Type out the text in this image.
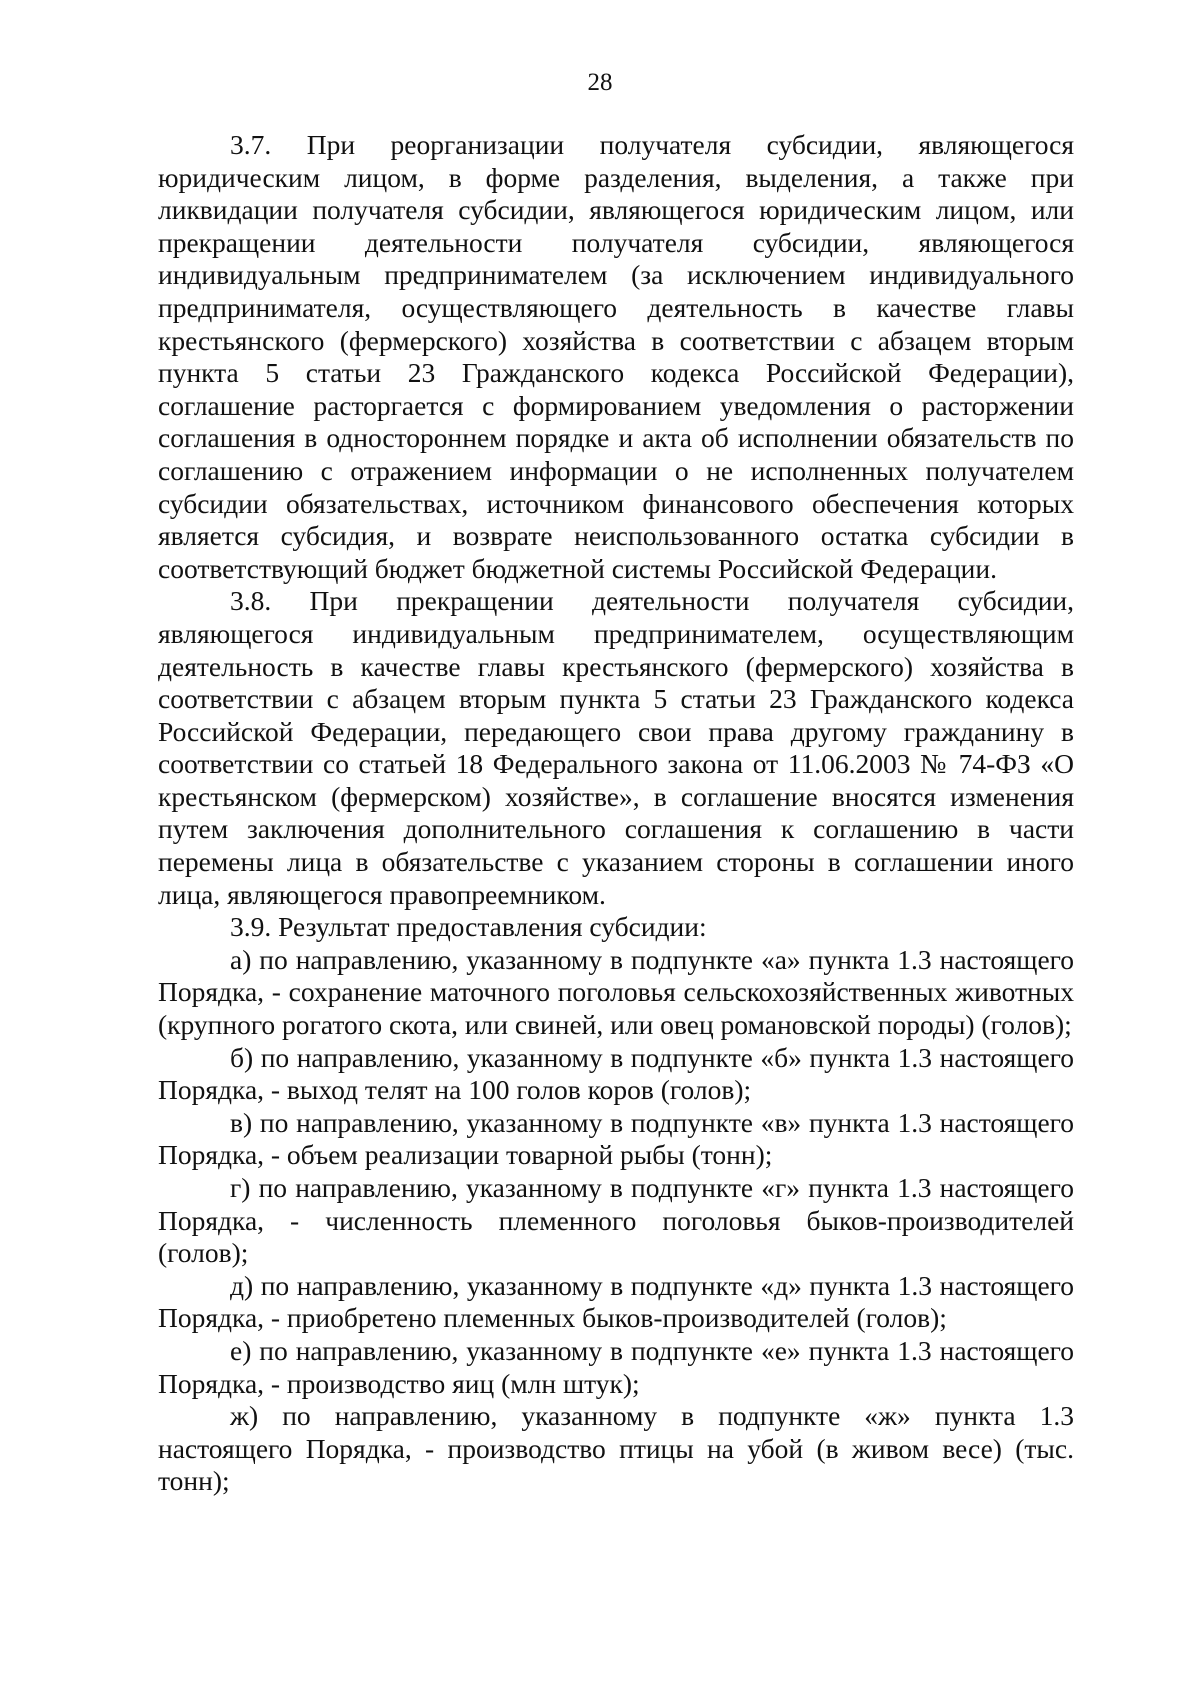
28

3.7. При реорганизации получателя субсидии, являющегося юридическим лицом, в форме разделения, выделения, а также при ликвидации получателя субсидии, являющегося юридическим лицом, или прекращении деятельности получателя субсидии, являющегося индивидуальным предпринимателем (за исключением индивидуального предпринимателя, осуществляющего деятельность в качестве главы крестьянского (фермерского) хозяйства в соответствии с абзацем вторым пункта 5 статьи 23 Гражданского кодекса Российской Федерации), соглашение расторгается с формированием уведомления о расторжении соглашения в одностороннем порядке и акта об исполнении обязательств по соглашению с отражением информации о не исполненных получателем субсидии обязательствах, источником финансового обеспечения которых является субсидия, и возврате неиспользованного остатка субсидии в соответствующий бюджет бюджетной системы Российской Федерации.

3.8. При прекращении деятельности получателя субсидии, являющегося индивидуальным предпринимателем, осуществляющим деятельность в качестве главы крестьянского (фермерского) хозяйства в соответствии с абзацем вторым пункта 5 статьи 23 Гражданского кодекса Российской Федерации, передающего свои права другому гражданину в соответствии со статьей 18 Федерального закона от 11.06.2003 № 74-ФЗ «О крестьянском (фермерском) хозяйстве», в соглашение вносятся изменения путем заключения дополнительного соглашения к соглашению в части перемены лица в обязательстве с указанием стороны в соглашении иного лица, являющегося правопреемником.

3.9. Результат предоставления субсидии:

а) по направлению, указанному в подпункте «а» пункта 1.3 настоящего Порядка, - сохранение маточного поголовья сельскохозяйственных животных (крупного рогатого скота, или свиней, или овец романовской породы) (голов);

б) по направлению, указанному в подпункте «б» пункта 1.3 настоящего Порядка, - выход телят на 100 голов коров (голов);

в) по направлению, указанному в подпункте «в» пункта 1.3 настоящего Порядка, - объем реализации товарной рыбы (тонн);

г) по направлению, указанному в подпункте «г» пункта 1.3 настоящего Порядка, - численность племенного поголовья быков-производителей (голов);

д) по направлению, указанному в подпункте «д» пункта 1.3 настоящего Порядка, - приобретено племенных быков-производителей (голов);

е) по направлению, указанному в подпункте «е» пункта 1.3 настоящего Порядка, - производство яиц (млн штук);

ж) по направлению, указанному в подпункте «ж» пункта 1.3 настоящего Порядка, - производство птицы на убой (в живом весе) (тыс. тонн);
